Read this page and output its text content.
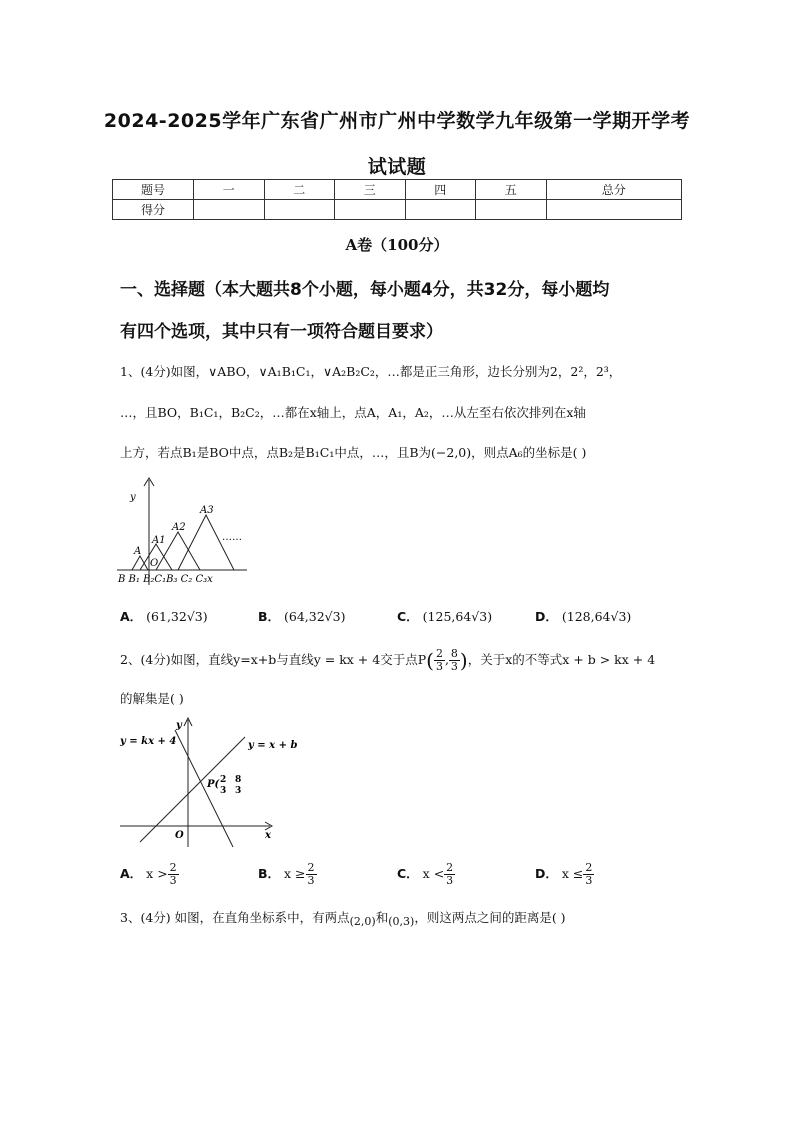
2024-2025学年广东省广州市广州中学数学九年级第一学期开学考
试试题
题号	一	二	三	四	五	总分
得分						
A卷（100分）
一、选择题（本大题共8个小题，每小题4分，共32分，每小题均
有四个选项，其中只有一项符合题目要求）
1、(4分)如图，∨ABO，∨A₁B₁C₁，∨A₂B₂C₂，…都是正三角形，边长分别为2，2²，2³，
…，且BO，B₁C₁，B₂C₂，…都在x轴上，点A，A₁，A₂，…从左至右依次排列在x轴
上方，若点B₁是BO中点，点B₂是B₁C₁中点，…，且B为(−2,0)，则点A₆的坐标是( )
y
A
A1
A2
A3
O
……
B B₁ B₂C₁B₃ C₂ C₃x
A． (61,32√3)	B． (64,32√3)	C． (125,64√3)	D． (128,64√3)
2、(4分)如图，直线y=x+b与直线y = kx + 4交于点$P( \frac{2}{3}$ , $\frac{8}{3}$ )，关于x的不等式x + b > kx + 4
的解集是( )
y = kx + 4	y = x + b
P( 2
3
8
3
O	x
y
A． $x > \frac{2}{3}$	B． $x \ge \frac{2}{3}$	C． $x < \frac{2}{3}$	D． $x \le \frac{2}{3}$
3、(4分) 如图，在直角坐标系中，有两点(2,0)和(0,3)，则这两点之间的距离是( )
